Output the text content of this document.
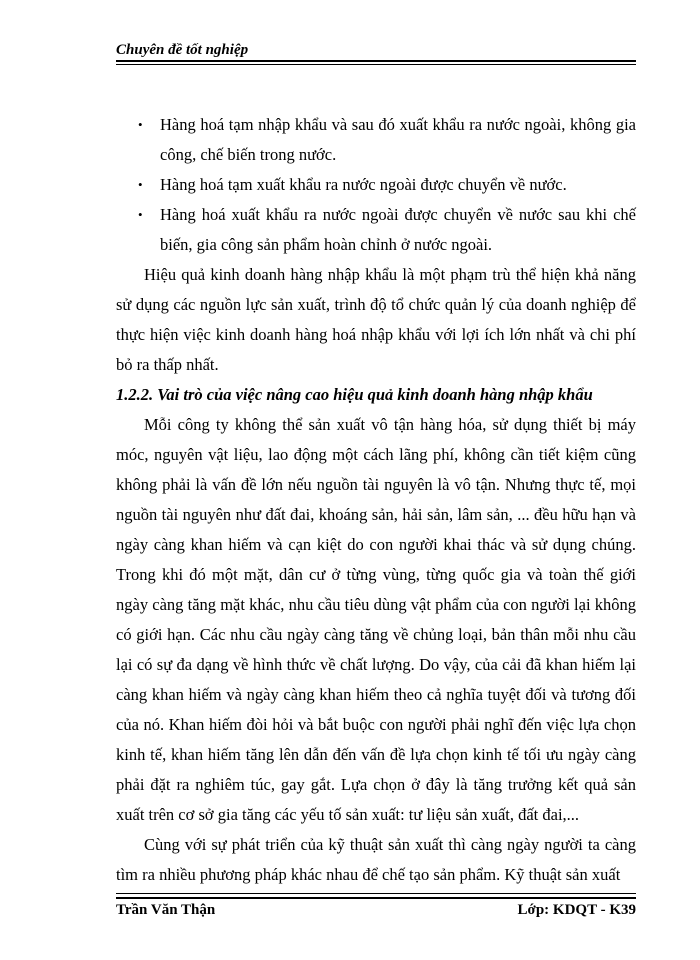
Chuyên đề tốt nghiệp

• Hàng hoá tạm nhập khẩu và sau đó xuất khẩu ra nước ngoài, không gia công, chế biến trong nước.

• Hàng hoá tạm xuất khẩu ra nước ngoài được chuyển về nước.

• Hàng hoá xuất khẩu ra nước ngoài được chuyển về nước sau khi chế biến, gia công sản phẩm hoàn chỉnh ở nước ngoài.

Hiệu quả kinh doanh hàng nhập khẩu là một phạm trù thể hiện khả năng sử dụng các nguồn lực sản xuất, trình độ tổ chức quản lý của doanh nghiệp để thực hiện việc kinh doanh hàng hoá nhập khẩu với lợi ích lớn nhất và chi phí bỏ ra thấp nhất.

1.2.2. Vai trò của việc nâng cao hiệu quả kinh doanh hàng nhập khẩu

Mỗi công ty không thể sản xuất vô tận hàng hóa, sử dụng thiết bị máy móc, nguyên vật liệu, lao động một cách lãng phí, không cần tiết kiệm cũng không phải là vấn đề lớn nếu nguồn tài nguyên là vô tận. Nhưng thực tế, mọi nguồn tài nguyên như đất đai, khoáng sản, hải sản, lâm sản, ... đều hữu hạn và ngày càng khan hiếm và cạn kiệt do con người khai thác và sử dụng chúng. Trong khi đó một mặt, dân cư ở từng vùng, từng quốc gia và toàn thế giới ngày càng tăng mặt khác, nhu cầu tiêu dùng vật phẩm của con người lại không có giới hạn. Các nhu cầu ngày càng tăng về chủng loại, bản thân mỗi nhu cầu lại có sự đa dạng về hình thức về chất lượng. Do vậy, của cải đã khan hiếm lại càng khan hiếm và ngày càng khan hiếm theo cả nghĩa tuyệt đối và tương đối của nó. Khan hiếm đòi hỏi và bắt buộc con người phải nghĩ đến việc lựa chọn kinh tế, khan hiếm tăng lên dẫn đến vấn đề lựa chọn kinh tế tối ưu ngày càng phải đặt ra nghiêm túc, gay gắt. Lựa chọn ở đây là tăng trưởng kết quả sản xuất trên cơ sở gia tăng các yếu tố sản xuất: tư liệu sản xuất, đất đai,...

Cùng với sự phát triển của kỹ thuật sản xuất thì càng ngày người ta càng tìm ra nhiều phương pháp khác nhau để chế tạo sản phẩm. Kỹ thuật sản xuất

Trần Văn Thận	Lớp: KDQT - K39
